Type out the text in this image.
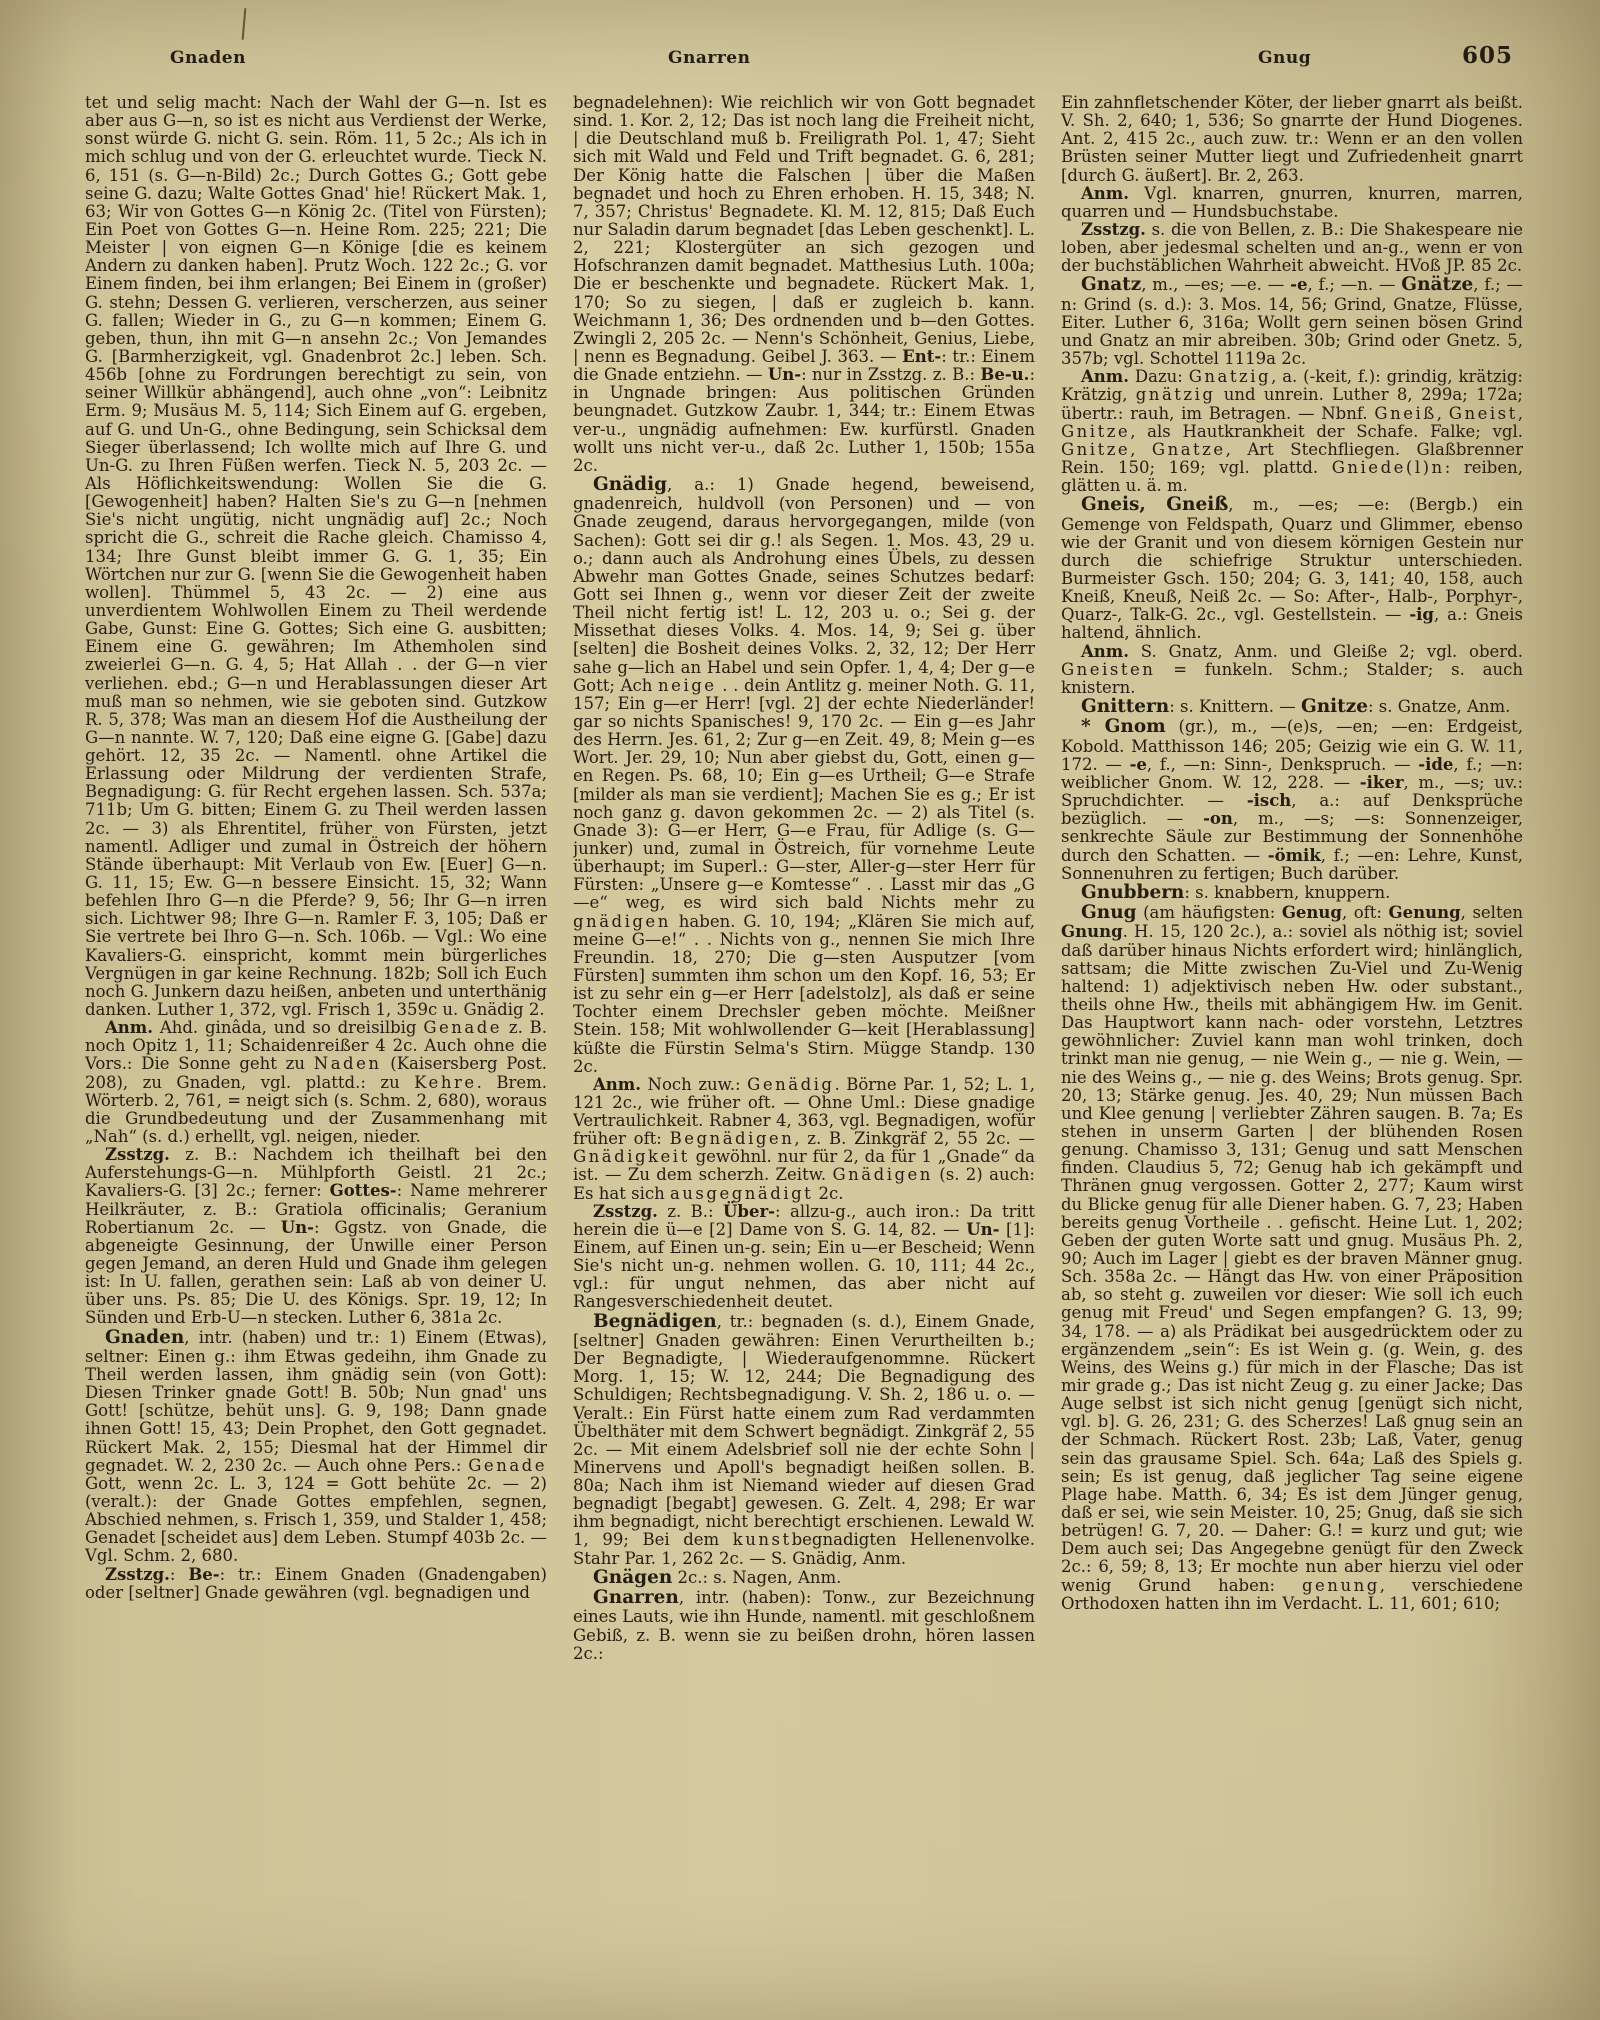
Gnaden	Gnarren	Gnug	605

tet und selig macht: Nach der Wahl der G—n. Ist es aber aus G—n, so ist es nicht aus Verdienst der Werke, sonst würde G. nicht G. sein. Röm. 11, 5 2c.; Als ich in mich schlug und von der G. erleuchtet wurde. Tieck N. 6, 151 (s. G—n-Bild) 2c.; Durch Gottes G.; Gott gebe seine G. dazu; Walte Gottes Gnad' hie! Rückert Mak. 1, 63; Wir von Gottes G—n König 2c. (Titel von Fürsten); Ein Poet von Gottes G—n. Heine Rom. 225; 221; Die Meister | von eignen G—n Könige [die es keinem Andern zu danken haben]. Prutz Woch. 122 2c.; G. vor Einem finden, bei ihm erlangen; Bei Einem in (großer) G. stehn; Dessen G. verlieren, verscherzen, aus seiner G. fallen; Wieder in G., zu G—n kommen; Einem G. geben, thun, ihn mit G—n ansehn 2c.; Von Jemandes G. [Barmherzigkeit, vgl. Gnadenbrot 2c.] leben. Sch. 456b [ohne zu Fordrungen berechtigt zu sein, von seiner Willkür abhängend], auch ohne „von“: Leibnitz Erm. 9; Musäus M. 5, 114; Sich Einem auf G. ergeben, auf G. und Un-G., ohne Bedingung, sein Schicksal dem Sieger überlassend; Ich wollte mich auf Ihre G. und Un-G. zu Ihren Füßen werfen. Tieck N. 5, 203 2c. — Als Höflichkeitswendung: Wollen Sie die G. [Gewogenheit] haben? Halten Sie's zu G—n [nehmen Sie's nicht ungütig, nicht ungnädig auf] 2c.; Noch spricht die G., schreit die Rache gleich. Chamisso 4, 134; Ihre Gunst bleibt immer G. G. 1, 35; Ein Wörtchen nur zur G. [wenn Sie die Gewogenheit haben wollen]. Thümmel 5, 43 2c. — 2) eine aus unverdientem Wohlwollen Einem zu Theil werdende Gabe, Gunst: Eine G. Gottes; Sich eine G. ausbitten; Einem eine G. gewähren; Im Athemholen sind zweierlei G—n. G. 4, 5; Hat Allah . . der G—n vier verliehen. ebd.; G—n und Herablassungen dieser Art muß man so nehmen, wie sie geboten sind. Gutzkow R. 5, 378; Was man an diesem Hof die Austheilung der G—n nannte. W. 7, 120; Daß eine eigne G. [Gabe] dazu gehört. 12, 35 2c. — Namentl. ohne Artikel die Erlassung oder Mildrung der verdienten Strafe, Begnadigung: G. für Recht ergehen lassen. Sch. 537a; 711b; Um G. bitten; Einem G. zu Theil werden lassen 2c. — 3) als Ehrentitel, früher von Fürsten, jetzt namentl. Adliger und zumal in Östreich der höhern Stände überhaupt: Mit Verlaub von Ew. [Euer] G—n. G. 11, 15; Ew. G—n bessere Einsicht. 15, 32; Wann befehlen Ihro G—n die Pferde? 9, 56; Ihr G—n irren sich. Lichtwer 98; Ihre G—n. Ramler F. 3, 105; Daß er Sie vertrete bei Ihro G—n. Sch. 106b. — Vgl.: Wo eine Kavaliers-G. einspricht, kommt mein bürgerliches Vergnügen in gar keine Rechnung. 182b; Soll ich Euch noch G. Junkern dazu heißen, anbeten und unterthänig danken. Luther 1, 372, vgl. Frisch 1, 359c u. Gnädig 2.

Anm. Ahd. ginâda, und so dreisilbig Genade z. B. noch Opitz 1, 11; Schaidenreißer 4 2c. Auch ohne die Vors.: Die Sonne geht zu Naden (Kaisersberg Post. 208), zu Gnaden, vgl. plattd.: zu Kehre. Brem. Wörterb. 2, 761, = neigt sich (s. Schm. 2, 680), woraus die Grundbedeutung und der Zusammenhang mit „Nah“ (s. d.) erhellt, vgl. neigen, nieder.

Zsstzg. z. B.: Nachdem ich theilhaft bei den Auferstehungs-G—n. Mühlpforth Geistl. 21 2c.; Kavaliers-G. [3] 2c.; ferner: Gottes-: Name mehrerer Heilkräuter, z. B.: Gratiola officinalis; Geranium Robertianum 2c. — Un-: Ggstz. von Gnade, die abgeneigte Gesinnung, der Unwille einer Person gegen Jemand, an deren Huld und Gnade ihm gelegen ist: In U. fallen, gerathen sein: Laß ab von deiner U. über uns. Ps. 85; Die U. des Königs. Spr. 19, 12; In Sünden und Erb-U—n stecken. Luther 6, 381a 2c.

Gnaden, intr. (haben) und tr.: 1) Einem (Etwas), seltner: Einen g.: ihm Etwas gedeihn, ihm Gnade zu Theil werden lassen, ihm gnädig sein (von Gott): Diesen Trinker gnade Gott! B. 50b; Nun gnad' uns Gott! [schütze, behüt uns]. G. 9, 198; Dann gnade ihnen Gott! 15, 43; Dein Prophet, den Gott gegnadet. Rückert Mak. 2, 155; Diesmal hat der Himmel dir gegnadet. W. 2, 230 2c. — Auch ohne Pers.: Genade Gott, wenn 2c. L. 3, 124 = Gott behüte 2c. — 2) (veralt.): der Gnade Gottes empfehlen, segnen, Abschied nehmen, s. Frisch 1, 359, und Stalder 1, 458; Genadet [scheidet aus] dem Leben. Stumpf 403b 2c. — Vgl. Schm. 2, 680.

Zsstzg.: Be-: tr.: Einem Gnaden (Gnadengaben) oder [seltner] Gnade gewähren (vgl. begnadigen und

begnadelehnen): Wie reichlich wir von Gott begnadet sind. 1. Kor. 2, 12; Das ist noch lang die Freiheit nicht, | die Deutschland muß b. Freiligrath Pol. 1, 47; Sieht sich mit Wald und Feld und Trift begnadet. G. 6, 281; Der König hatte die Falschen | über die Maßen begnadet und hoch zu Ehren erhoben. H. 15, 348; N. 7, 357; Christus' Begnadete. Kl. M. 12, 815; Daß Euch nur Saladin darum begnadet [das Leben geschenkt]. L. 2, 221; Klostergüter an sich gezogen und Hofschranzen damit begnadet. Matthesius Luth. 100a; Die er beschenkte und begnadete. Rückert Mak. 1, 170; So zu siegen, | daß er zugleich b. kann. Weichmann 1, 36; Des ordnenden und b—den Gottes. Zwingli 2, 205 2c. — Nenn's Schönheit, Genius, Liebe, | nenn es Begnadung. Geibel J. 363. — Ent-: tr.: Einem die Gnade entziehn. — Un-: nur in Zsstzg. z. B.: Be-u.: in Ungnade bringen: Aus politischen Gründen beungnadet. Gutzkow Zaubr. 1, 344; tr.: Einem Etwas ver-u., ungnädig aufnehmen: Ew. kurfürstl. Gnaden wollt uns nicht ver-u., daß 2c. Luther 1, 150b; 155a 2c.

Gnädig, a.: 1) Gnade hegend, beweisend, gnadenreich, huldvoll (von Personen) und — von Gnade zeugend, daraus hervorgegangen, milde (von Sachen): Gott sei dir g.! als Segen. 1. Mos. 43, 29 u. o.; dann auch als Androhung eines Übels, zu dessen Abwehr man Gottes Gnade, seines Schutzes bedarf: Gott sei Ihnen g., wenn vor dieser Zeit der zweite Theil nicht fertig ist! L. 12, 203 u. o.; Sei g. der Missethat dieses Volks. 4. Mos. 14, 9; Sei g. über [selten] die Bosheit deines Volks. 2, 32, 12; Der Herr sahe g—lich an Habel und sein Opfer. 1, 4, 4; Der g—e Gott; Ach neige . . dein Antlitz g. meiner Noth. G. 11, 157; Ein g—er Herr! [vgl. 2] der echte Niederländer! gar so nichts Spanisches! 9, 170 2c. — Ein g—es Jahr des Herrn. Jes. 61, 2; Zur g—en Zeit. 49, 8; Mein g—es Wort. Jer. 29, 10; Nun aber giebst du, Gott, einen g—en Regen. Ps. 68, 10; Ein g—es Urtheil; G—e Strafe [milder als man sie verdient]; Machen Sie es g.; Er ist noch ganz g. davon gekommen 2c. — 2) als Titel (s. Gnade 3): G—er Herr, G—e Frau, für Adlige (s. G—junker) und, zumal in Östreich, für vornehme Leute überhaupt; im Superl.: G—ster, Aller-g—ster Herr für Fürsten: „Unsere g—e Komtesse“ . . Lasst mir das „G—e“ weg, es wird sich bald Nichts mehr zu gnädigen haben. G. 10, 194; „Klären Sie mich auf, meine G—e!“ . . Nichts von g., nennen Sie mich Ihre Freundin. 18, 270; Die g—sten Ausputzer [vom Fürsten] summten ihm schon um den Kopf. 16, 53; Er ist zu sehr ein g—er Herr [adelstolz], als daß er seine Tochter einem Drechsler geben möchte. Meißner Stein. 158; Mit wohlwollender G—keit [Herablassung] küßte die Fürstin Selma's Stirn. Mügge Standp. 130 2c.

Anm. Noch zuw.: Genädig. Börne Par. 1, 52; L. 1, 121 2c., wie früher oft. — Ohne Uml.: Diese gnadige Vertraulichkeit. Rabner 4, 363, vgl. Begnadigen, wofür früher oft: Begnädigen, z. B. Zinkgräf 2, 55 2c. — Gnädigkeit gewöhnl. nur für 2, da für 1 „Gnade“ da ist. — Zu dem scherzh. Zeitw. Gnädigen (s. 2) auch: Es hat sich ausgegnädigt 2c.

Zsstzg. z. B.: Über-: allzu-g., auch iron.: Da tritt herein die ü—e [2] Dame von S. G. 14, 82. — Un- [1]: Einem, auf Einen un-g. sein; Ein u—er Bescheid; Wenn Sie's nicht un-g. nehmen wollen. G. 10, 111; 44 2c., vgl.: für ungut nehmen, das aber nicht auf Rangesverschiedenheit deutet.

Begnädigen, tr.: begnaden (s. d.), Einem Gnade, [seltner] Gnaden gewähren: Einen Verurtheilten b.; Der Begnadigte, | Wiederaufgenommne. Rückert Morg. 1, 15; W. 12, 244; Die Begnadigung des Schuldigen; Rechtsbegnadigung. V. Sh. 2, 186 u. o. — Veralt.: Ein Fürst hatte einem zum Rad verdammten Übelthäter mit dem Schwert begnädigt. Zinkgräf 2, 55 2c. — Mit einem Adelsbrief soll nie der echte Sohn | Minervens und Apoll's begnadigt heißen sollen. B. 80a; Nach ihm ist Niemand wieder auf diesen Grad begnadigt [begabt] gewesen. G. Zelt. 4, 298; Er war ihm begnadigt, nicht berechtigt erschienen. Lewald W. 1, 99; Bei dem kunstbegnadigten Hellenenvolke. Stahr Par. 1, 262 2c. — S. Gnädig, Anm.

Gnägen 2c.: s. Nagen, Anm.

Gnarren, intr. (haben): Tonw., zur Bezeichnung eines Lauts, wie ihn Hunde, namentl. mit geschloßnem Gebiß, z. B. wenn sie zu beißen drohn, hören lassen 2c.:

Ein zahnfletschender Köter, der lieber gnarrt als beißt. V. Sh. 2, 640; 1, 536; So gnarrte der Hund Diogenes. Ant. 2, 415 2c., auch zuw. tr.: Wenn er an den vollen Brüsten seiner Mutter liegt und Zufriedenheit gnarrt [durch G. äußert]. Br. 2, 263.

Anm. Vgl. knarren, gnurren, knurren, marren, quarren und — Hundsbuchstabe.

Zsstzg. s. die von Bellen, z. B.: Die Shakespeare nie loben, aber jedesmal schelten und an-g., wenn er von der buchstäblichen Wahrheit abweicht. HVoß JP. 85 2c.

Gnatz, m., —es; —e. — -e, f.; —n. — Gnätze, f.; —n: Grind (s. d.): 3. Mos. 14, 56; Grind, Gnatze, Flüsse, Eiter. Luther 6, 316a; Wollt gern seinen bösen Grind und Gnatz an mir abreiben. 30b; Grind oder Gnetz. 5, 357b; vgl. Schottel 1119a 2c.

Anm. Dazu: Gnatzig, a. (-keit, f.): grindig, krätzig: Krätzig, gnätzig und unrein. Luther 8, 299a; 172a; übertr.: rauh, im Betragen. — Nbnf. Gneiß, Gneist, Gnitze, als Hautkrankheit der Schafe. Falke; vgl. Gnitze, Gnatze, Art Stechfliegen. Glaßbrenner Rein. 150; 169; vgl. plattd. Gniede(l)n: reiben, glätten u. ä. m.

Gneis, Gneiß, m., —es; —e: (Bergb.) ein Gemenge von Feldspath, Quarz und Glimmer, ebenso wie der Granit und von diesem körnigen Gestein nur durch die schiefrige Struktur unterschieden. Burmeister Gsch. 150; 204; G. 3, 141; 40, 158, auch Kneiß, Kneuß, Neiß 2c. — So: After-, Halb-, Porphyr-, Quarz-, Talk-G. 2c., vgl. Gestellstein. — -ig, a.: Gneis haltend, ähnlich.

Anm. S. Gnatz, Anm. und Gleiße 2; vgl. oberd. Gneisten = funkeln. Schm.; Stalder; s. auch knistern.

Gnittern: s. Knittern. — Gnitze: s. Gnatze, Anm.

* Gnom (gr.), m., —(e)s, —en; —en: Erdgeist, Kobold. Matthisson 146; 205; Geizig wie ein G. W. 11, 172. — -e, f., —n: Sinn-, Denkspruch. — -ide, f.; —n: weiblicher Gnom. W. 12, 228. — -iker, m., —s; uv.: Spruchdichter. — -isch, a.: auf Denksprüche bezüglich. — -on, m., —s; —s: Sonnenzeiger, senkrechte Säule zur Bestimmung der Sonnenhöhe durch den Schatten. — -ömik, f.; —en: Lehre, Kunst, Sonnenuhren zu fertigen; Buch darüber.

Gnubbern: s. knabbern, knuppern.

Gnug (am häufigsten: Genug, oft: Genung, selten Gnung. H. 15, 120 2c.), a.: soviel als nöthig ist; soviel daß darüber hinaus Nichts erfordert wird; hinlänglich, sattsam; die Mitte zwischen Zu-Viel und Zu-Wenig haltend: 1) adjektivisch neben Hw. oder substant., theils ohne Hw., theils mit abhängigem Hw. im Genit. Das Hauptwort kann nach- oder vorstehn, Letztres gewöhnlicher: Zuviel kann man wohl trinken, doch trinkt man nie genug, — nie Wein g., — nie g. Wein, — nie des Weins g., — nie g. des Weins; Brots genug. Spr. 20, 13; Stärke genug. Jes. 40, 29; Nun müssen Bach und Klee genung | verliebter Zähren saugen. B. 7a; Es stehen in unserm Garten | der blühenden Rosen genung. Chamisso 3, 131; Genug und satt Menschen finden. Claudius 5, 72; Genug hab ich gekämpft und Thränen gnug vergossen. Gotter 2, 277; Kaum wirst du Blicke genug für alle Diener haben. G. 7, 23; Haben bereits genug Vortheile . . gefischt. Heine Lut. 1, 202; Geben der guten Worte satt und gnug. Musäus Ph. 2, 90; Auch im Lager | giebt es der braven Männer gnug. Sch. 358a 2c. — Hängt das Hw. von einer Präposition ab, so steht g. zuweilen vor dieser: Wie soll ich euch genug mit Freud' und Segen empfangen? G. 13, 99; 34, 178. — a) als Prädikat bei ausgedrücktem oder zu ergänzendem „sein“: Es ist Wein g. (g. Wein, g. des Weins, des Weins g.) für mich in der Flasche; Das ist mir grade g.; Das ist nicht Zeug g. zu einer Jacke; Das Auge selbst ist sich nicht genug [genügt sich nicht, vgl. b]. G. 26, 231; G. des Scherzes! Laß gnug sein an der Schmach. Rückert Rost. 23b; Laß, Vater, genug sein das grausame Spiel. Sch. 64a; Laß des Spiels g. sein; Es ist genug, daß jeglicher Tag seine eigene Plage habe. Matth. 6, 34; Es ist dem Jünger genug, daß er sei, wie sein Meister. 10, 25; Gnug, daß sie sich betrügen! G. 7, 20. — Daher: G.! = kurz und gut; wie Dem auch sei; Das Angegebne genügt für den Zweck 2c.: 6, 59; 8, 13; Er mochte nun aber hierzu viel oder wenig Grund haben: genung, verschiedene Orthodoxen hatten ihn im Verdacht. L. 11, 601; 610;
